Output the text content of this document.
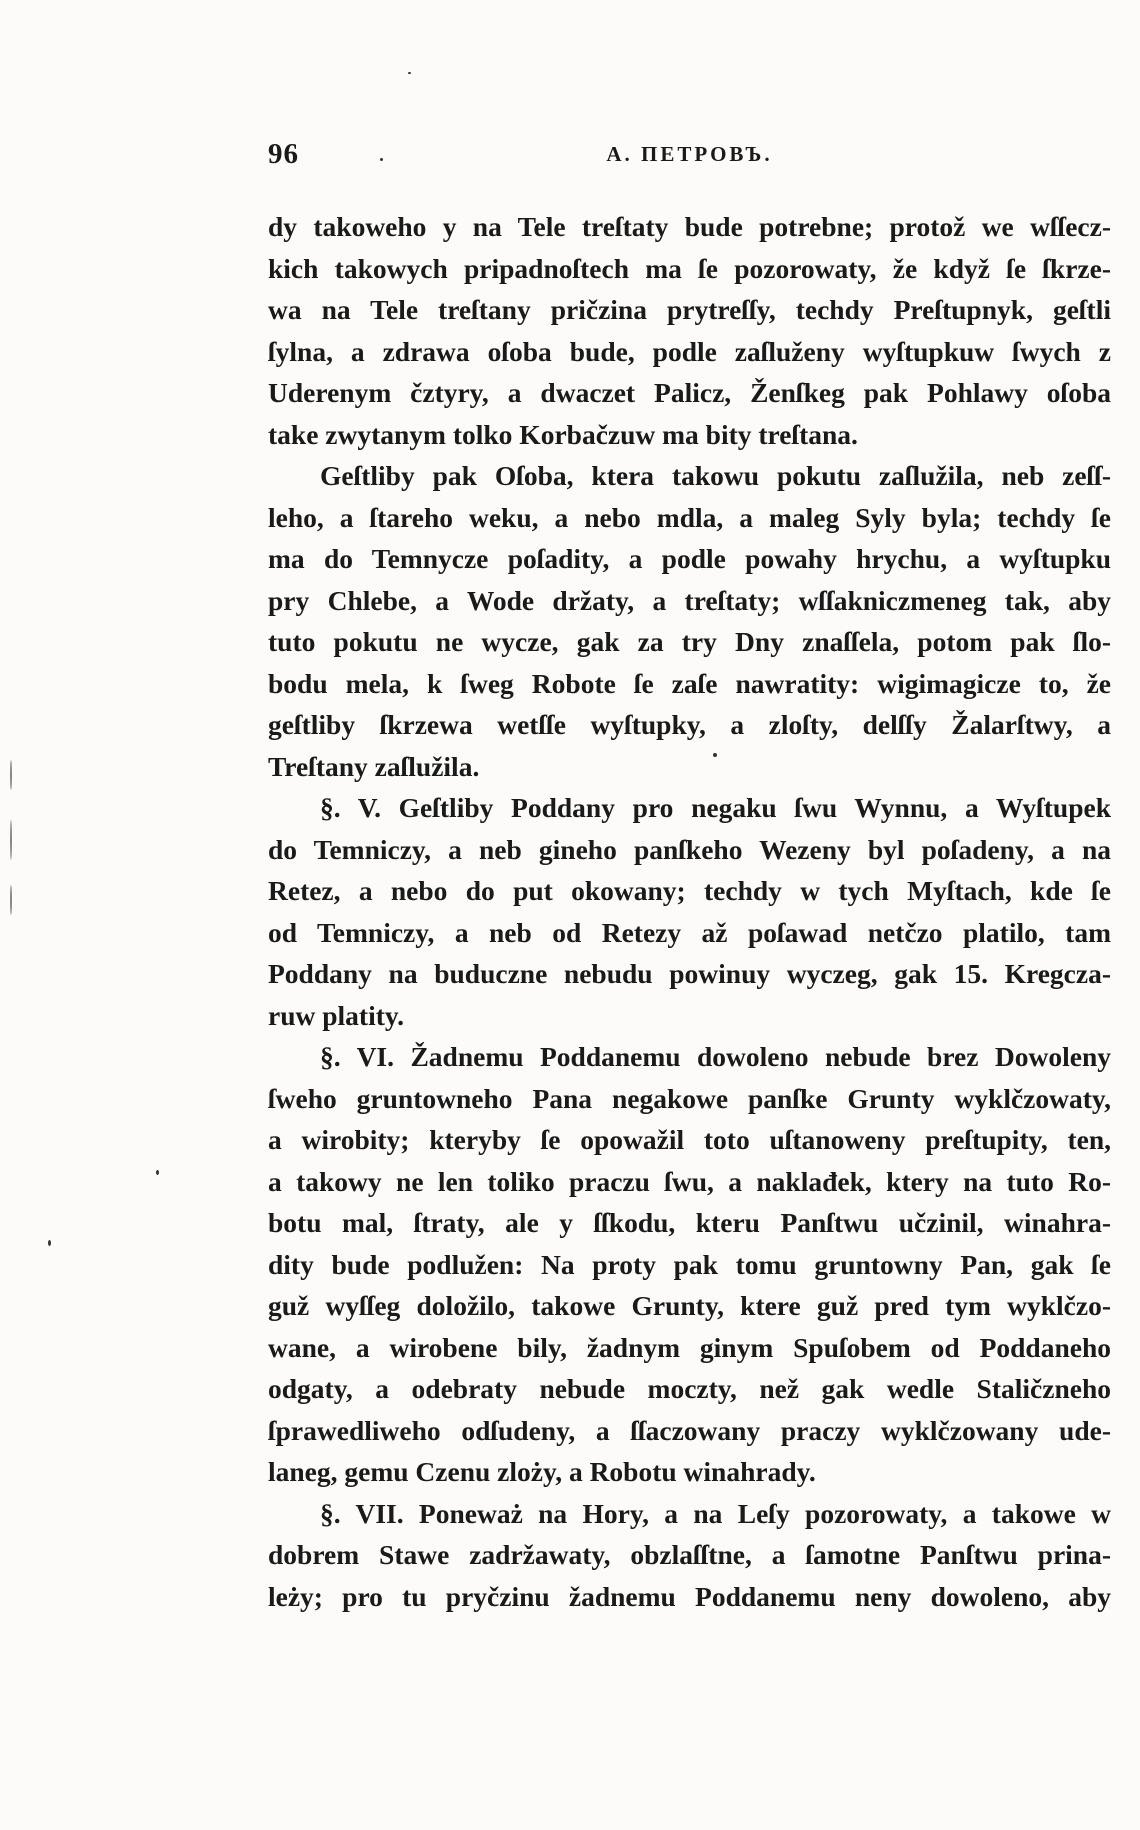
96	А. ПЕТРОВЪ.
dy takoweho y na Tele treſtaty bude potrebne; protož we wſſecz-
kich takowych pripadnoſtech ma ſe pozorowaty, že když ſe ſkrze-
wa na Tele treſtany pričzina prytreſſy, techdy Preſtupnyk, geſtli
ſylna, a zdrawa oſoba bude, podle zaſluženy wyſtupkuw ſwych z
Uderenym čztyry, a dwaczet Palicz, Ženſkeg pak Pohlawy oſoba
take zwytanym tolko Korbačzuw ma bity treſtana.
Geſtliby pak Oſoba, ktera takowu pokutu zaſlužila, neb zeſſ-
leho, a ſtareho weku, a nebo mdla, a maleg Syly byla; techdy ſe
ma do Temnycze poſadity, a podle powahy hrychu, a wyſtupku
pry Chlebe, a Wode držaty, a treſtaty; wſſakniczmeneg tak, aby
tuto pokutu ne wycze, gak za try Dny znaſſela, potom pak ſlo-
bodu mela, k ſweg Robote ſe zaſe nawratity: wigimagicze to, že
geſtliby ſkrzewa wetſſe wyſtupky, a zloſty, delſſy Žalarſtwy, a
Treſtany zaſlužila.
§. V. Geſtliby Poddany pro negaku ſwu Wynnu, a Wyſtupek
do Temniczy, a neb gineho panſkeho Wezeny byl poſadeny, a na
Retez, a nebo do put okowany; techdy w tych Myſtach, kde ſe
od Temniczy, a neb od Retezy až poſawad netčzo platilo, tam
Poddany na buduczne nebudu powinuy wyczeg, gak 15. Kregcza-
ruw platity.
§. VI. Žadnemu Poddanemu dowoleno nebude brez Dowoleny
ſweho gruntowneho Pana negakowe panſke Grunty wyklčzowaty,
a wirobity; kteryby ſe opowažil toto uſtanoweny preſtupity, ten,
a takowy ne len toliko praczu ſwu, a naklađek, ktery na tuto Ro-
botu mal, ſtraty, ale y ſſkodu, kteru Panſtwu učzinil, winahra-
dity bude podlužen: Na proty pak tomu gruntowny Pan, gak ſe
guž wyſſeg doložilo, takowe Grunty, ktere guž pred tym wyklčzo-
wane, a wirobene bily, žadnym ginym Spuſobem od Poddaneho
odgaty, a odebraty nebude moczty, než gak wedle Staličzneho
ſprawedliweho odſudeny, a ſſaczowany praczy wyklčzowany ude-
laneg, gemu Czenu zloży, a Robotu winahrady.
§. VII. Poneważ na Hory, a na Leſy pozorowaty, a takowe w
dobrem Stawe zadržawaty, obzlaſſtne, a ſamotne Panſtwu prina-
leży; pro tu pryčzinu žadnemu Poddanemu neny dowoleno, aby
